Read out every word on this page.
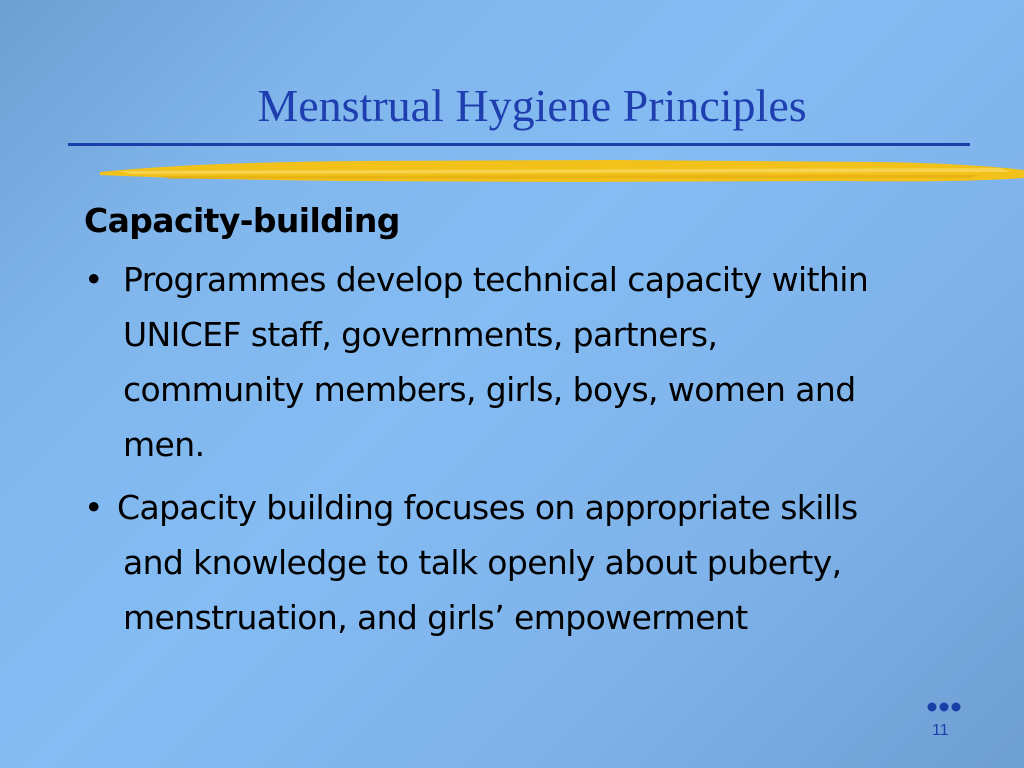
Menstrual Hygiene Principles
Capacity-building
• Programmes develop technical capacity within
UNICEF staff, governments, partners,
community members, girls, boys, women and
men.
• Capacity building focuses on appropriate skills
and knowledge to talk openly about puberty,
menstruation, and girls’ empowerment
11
